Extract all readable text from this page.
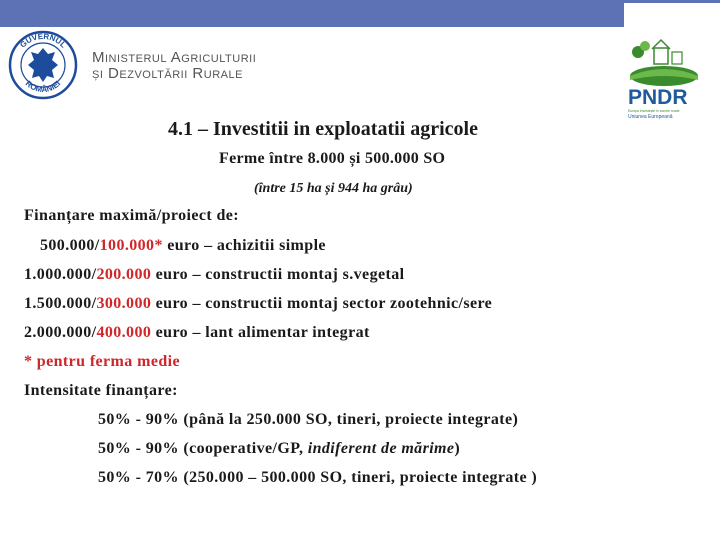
GUVERNUL
ROMÂNIEI
Ministerul Agriculturii
și Dezvoltării Rurale
PNDR
Europa investește în zonele rurale
Uniunea Europeană
4.1 – Investitii in exploatatii agricole
Ferme între 8.000 și 500.000 SO
(între 15 ha și 944 ha grâu)
Finanțare maximă/proiect de:
500.000/100.000* euro – achizitii simple
1.000.000/200.000 euro – constructii montaj s.vegetal
1.500.000/300.000 euro – constructii montaj sector zootehnic/sere
2.000.000/400.000 euro – lant alimentar integrat
* pentru ferma medie
Intensitate finanțare:
50% - 90% (până la 250.000 SO, tineri, proiecte integrate)
50% - 90% (cooperative/GP, indiferent de mărime)
50% - 70% (250.000 – 500.000 SO, tineri, proiecte integrate )
